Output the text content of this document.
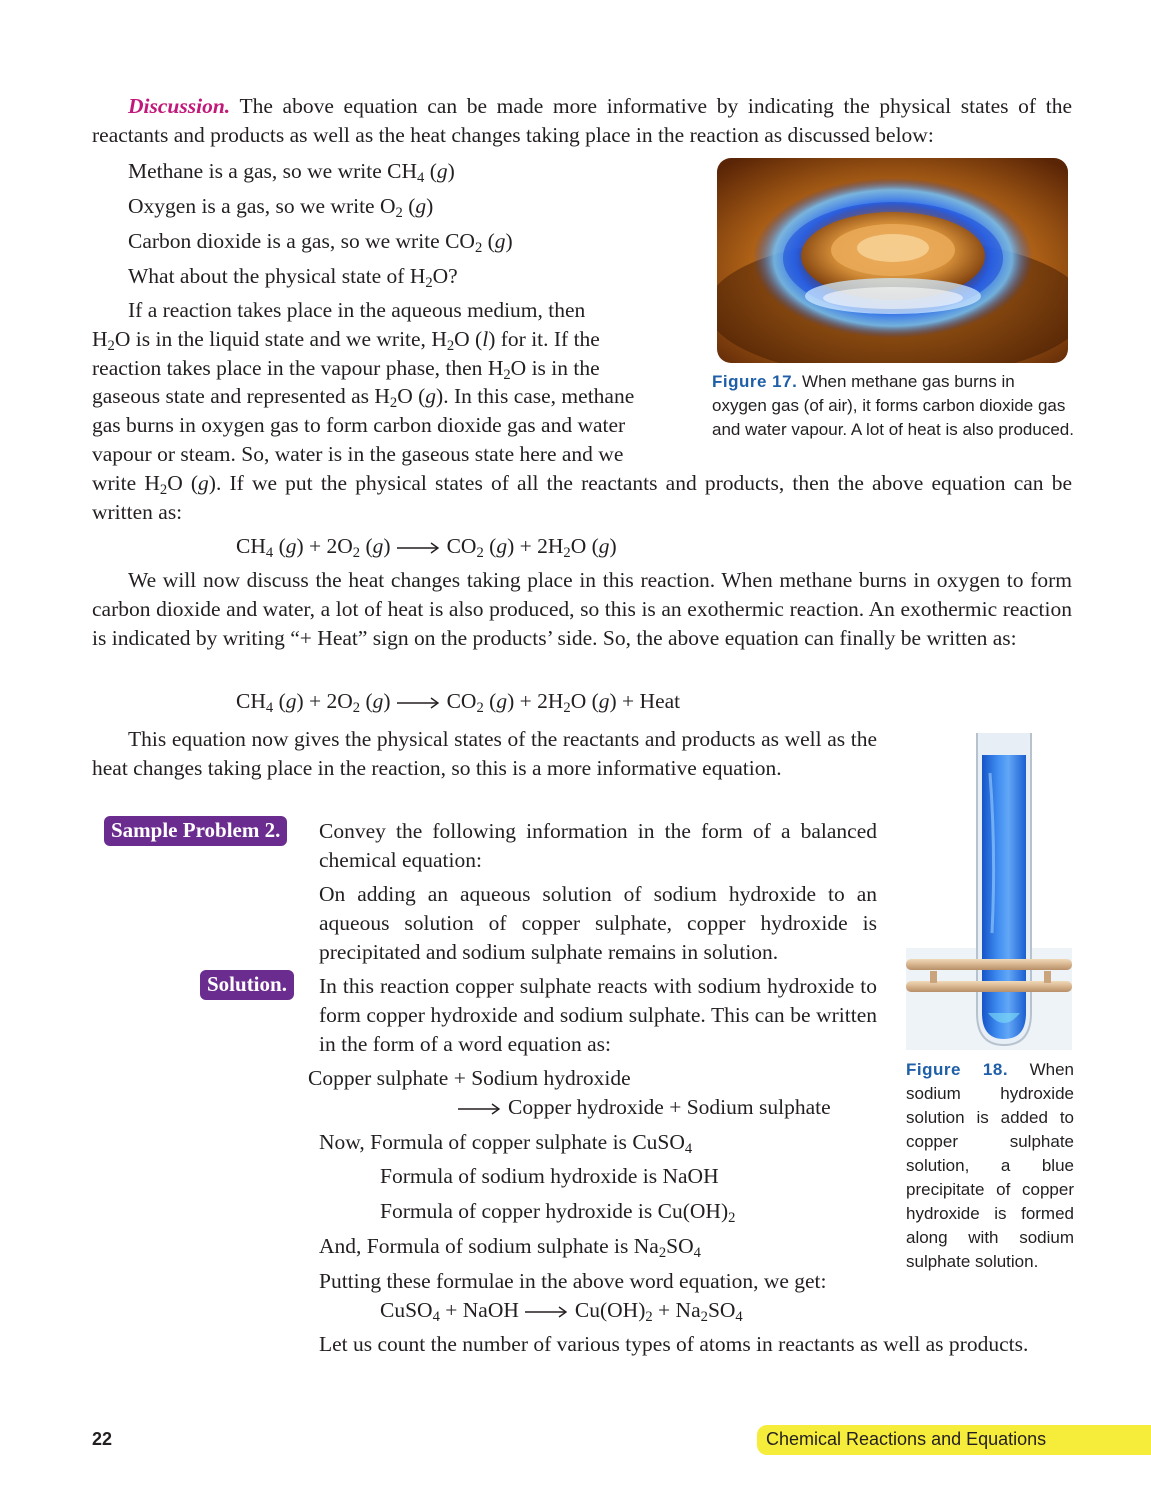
Discussion. The above equation can be made more informative by indicating the physical states of the reactants and products as well as the heat changes taking place in the reaction as discussed below:

Methane is a gas, so we write $CH_4$ (g)

Oxygen is a gas, so we write $O_2$ (g)

Carbon dioxide is a gas, so we write $CO_2$ (g)

What about the physical state of $H_2O$?

Figure 17. When methane gas burns in oxygen gas (of air), it forms carbon dioxide gas and water vapour. A lot of heat is also produced.

If a reaction takes place in the aqueous medium, then

$H_2O$ is in the liquid state and we write, $H_2O$ (l) for it. If the

reaction takes place in the vapour phase, then $H_2O$ is in the

gaseous state and represented as $H_2O$ (g). In this case, methane

gas burns in oxygen gas to form carbon dioxide gas and water

vapour or steam. So, water is in the gaseous state here and we

write $H_2O$ (g). If we put the physical states of all the reactants and products, then the above equation can be written as:

$CH_4$ $(g) + 2O_2$ $(g) \to CO_2$ $(g) + 2H_2O$ (g)

We will now discuss the heat changes taking place in this reaction. When methane burns in oxygen to form carbon dioxide and water, a lot of heat is also produced, so this is an exothermic reaction. An exothermic reaction is indicated by writing “+ Heat” sign on the products’ side. So, the above equation can finally be written as:

$CH_4$ $(g) + 2O_2$ $(g) \to CO_2$ $(g) + 2H_2O$ (g) + Heat

This equation now gives the physical states of the reactants and products as well as the heat changes taking place in the reaction, so this is a more informative equation.

Figure 18. When sodium hydroxide solution is added to copper sulphate solution, a blue precipitate of copper hydroxide is formed along with sodium sulphate solution.
Sample Problem 2.	Convey the following information in the form of a balanced chemical equation:

On adding an aqueous solution of sodium hydroxide to an aqueous solution of copper sulphate, copper hydroxide is precipitated and sodium sulphate remains in solution.

Solution.	In this reaction copper sulphate reacts with sodium hydroxide to form copper hydroxide and sodium sulphate. This can be written in the form of a word equation as:

Copper sulphate + Sodium hydroxide
→ Copper hydroxide + Sodium sulphate
Now, Formula of copper sulphate is CuSO$_4$
Formula of sodium hydroxide is NaOH
Formula of copper hydroxide is $Cu(OH)_2$
And, Formula of sodium sulphate is $Na_2SO_4$
Putting these formulae in the above word equation, we get:
CuSO$_4$ + NaOH → $Cu(OH)_2 + Na_2SO_4$

Let us count the number of various types of atoms in reactants as well as products.

22	Chemical Reactions and Equations
